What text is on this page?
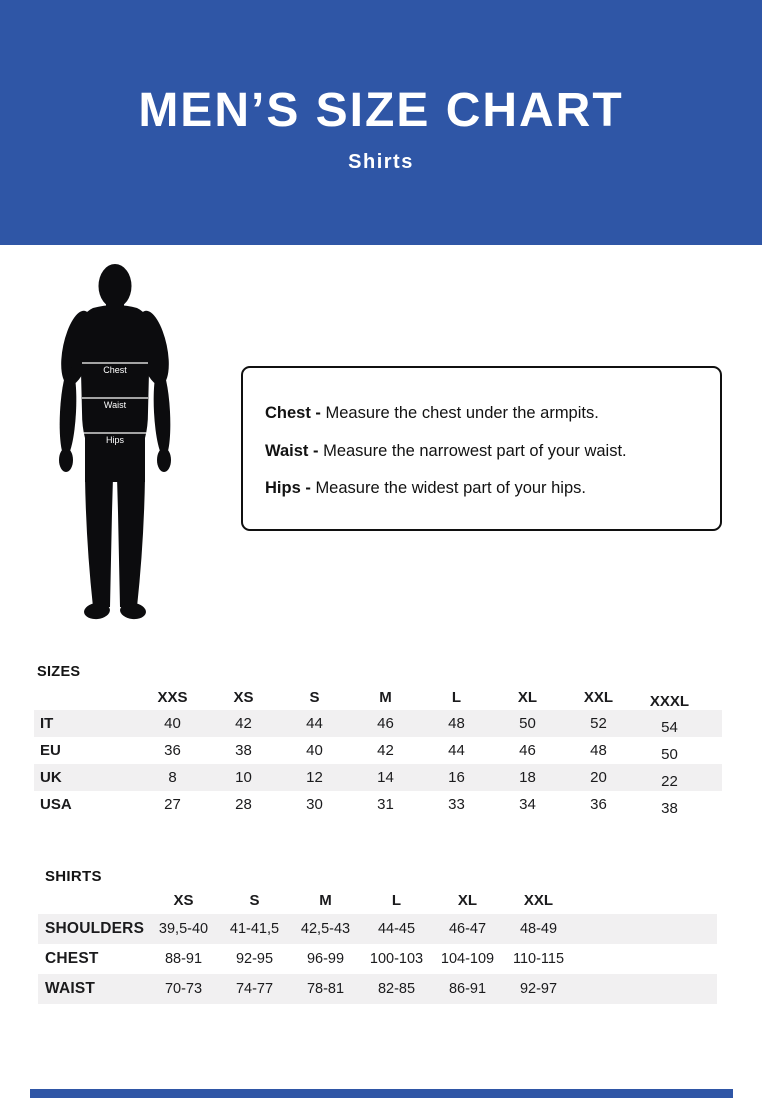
MEN’S SIZE CHART
Shirts
Chest
Waist
Hips
Chest - Measure the chest under the armpits.
Waist - Measure the narrowest part of your waist.
Hips - Measure the widest part of your hips.
SIZES
XXS	XS	S	M	L	XL	XXL	XXXL
IT	40	42	44	46	48	50	52	54
EU	36	38	40	42	44	46	48	50
UK	8	10	12	14	16	18	20	22
USA	27	28	30	31	33	34	36	38
SHIRTS
XS	S	M	L	XL	XXL
SHOULDERS	39,5-40	41-41,5	42,5-43	44-45	46-47	48-49
CHEST	88-91	92-95	96-99	100-103	104-109	110-115
WAIST	70-73	74-77	78-81	82-85	86-91	92-97
